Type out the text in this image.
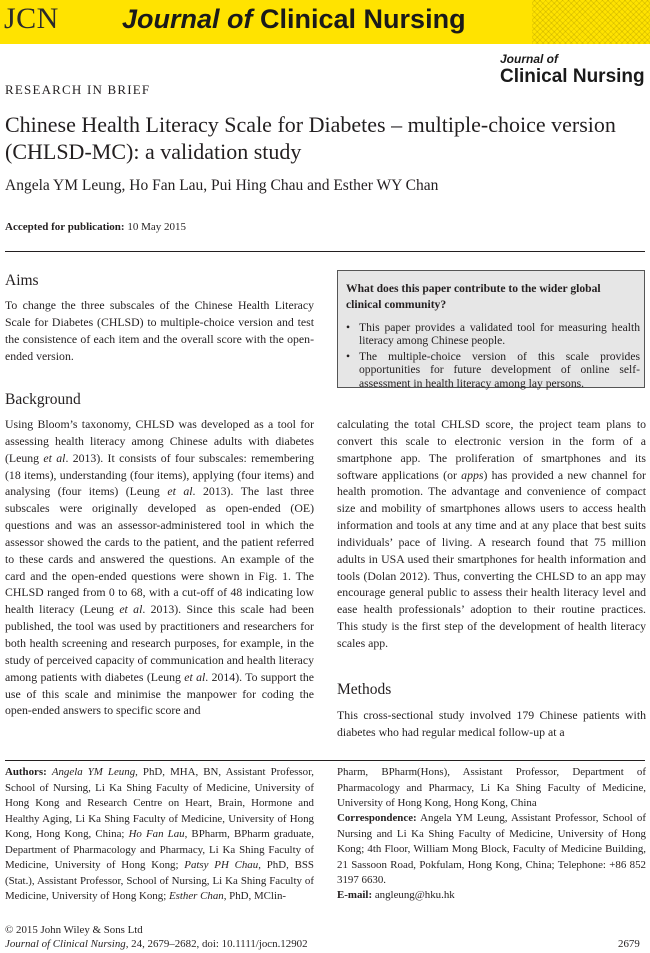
JCN Journal of Clinical Nursing
Journal of
Clinical Nursing
RESEARCH IN BRIEF
Chinese Health Literacy Scale for Diabetes – multiple-choice version (CHLSD-MC): a validation study
Angela YM Leung, Ho Fan Lau, Pui Hing Chau and Esther WY Chan
Accepted for publication: 10 May 2015
Aims
To change the three subscales of the Chinese Health Literacy Scale for Diabetes (CHLSD) to multiple-choice version and test the consistence of each item and the overall score with the open-ended version.
Background
Using Bloom’s taxonomy, CHLSD was developed as a tool for assessing health literacy among Chinese adults with diabetes (Leung et al. 2013). It consists of four subscales: remembering (18 items), understanding (four items), applying (four items) and analysing (four items) (Leung et al. 2013). The last three subscales were originally developed as open-ended (OE) questions and was an assessor-administered tool in which the assessor showed the cards to the patient, and the patient referred to these cards and answered the questions. An example of the card and the open-ended questions were shown in Fig. 1. The CHLSD ranged from 0 to 68, with a cut-off of 48 indicating low health literacy (Leung et al. 2013). Since this scale had been published, the tool was used by practitioners and researchers for both health screening and research purposes, for example, in the study of perceived capacity of communication and health literacy among patients with diabetes (Leung et al. 2014). To support the use of this scale and minimise the manpower for coding the open-ended answers to specific score and
What does this paper contribute to the wider global clinical community?
• This paper provides a validated tool for measuring health literacy among Chinese people.
• The multiple-choice version of this scale provides opportunities for future development of online self-assessment in health literacy among lay persons.
calculating the total CHLSD score, the project team plans to convert this scale to electronic version in the form of a smartphone app. The proliferation of smartphones and its software applications (or apps) has provided a new channel for health promotion. The advantage and convenience of compact size and mobility of smartphones allows users to access health information and tools at any time and at any place that best suits individuals’ pace of living. A research found that 75 million adults in USA used their smartphones for health information and tools (Dolan 2012). Thus, converting the CHLSD to an app may encourage general public to assess their health literacy level and ease health professionals’ adoption to their routine practices. This study is the first step of the development of health literacy scales app.
Methods
This cross-sectional study involved 179 Chinese patients with diabetes who had regular medical follow-up at a
Authors: Angela YM Leung, PhD, MHA, BN, Assistant Professor, School of Nursing, Li Ka Shing Faculty of Medicine, University of Hong Kong and Research Centre on Heart, Brain, Hormone and Healthy Aging, Li Ka Shing Faculty of Medicine, University of Hong Kong, Hong Kong, China; Ho Fan Lau, BPharm, BPharm graduate, Department of Pharmacology and Pharmacy, Li Ka Shing Faculty of Medicine, University of Hong Kong; Patsy PH Chau, PhD, BSS (Stat.), Assistant Professor, School of Nursing, Li Ka Shing Faculty of Medicine, University of Hong Kong; Esther Chan, PhD, MClin-
Pharm, BPharm(Hons), Assistant Professor, Department of Pharmacology and Pharmacy, Li Ka Shing Faculty of Medicine, University of Hong Kong, Hong Kong, China
Correspondence: Angela YM Leung, Assistant Professor, School of Nursing and Li Ka Shing Faculty of Medicine, University of Hong Kong; 4th Floor, William Mong Block, Faculty of Medicine Building, 21 Sassoon Road, Pokfulam, Hong Kong, China; Telephone: +86 852 3197 6630.
E-mail: angleung@hku.hk
© 2015 John Wiley & Sons Ltd
Journal of Clinical Nursing, 24, 2679–2682, doi: 10.1111/jocn.12902	2679
